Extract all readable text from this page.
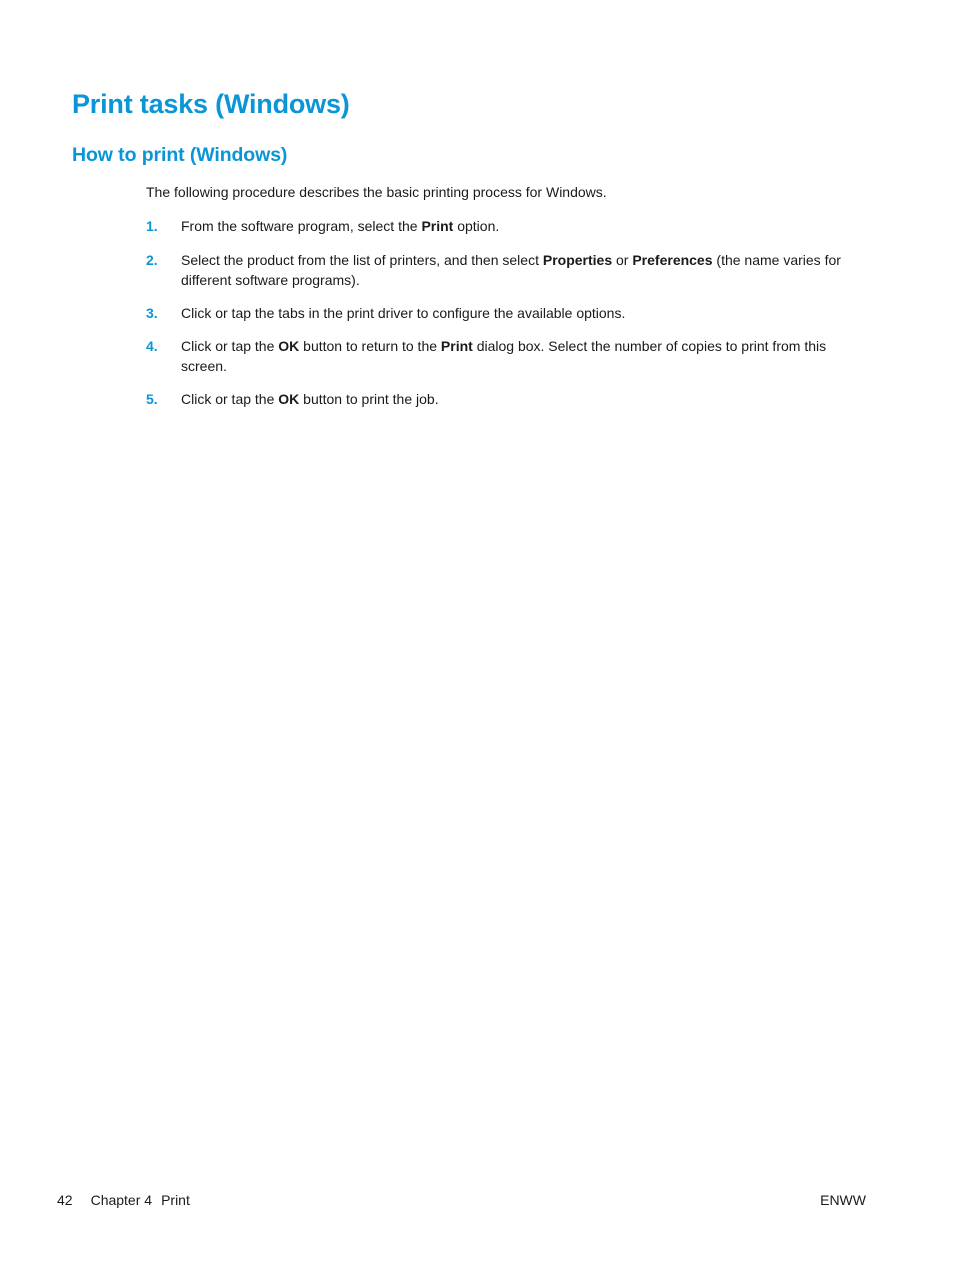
Print tasks (Windows)
How to print (Windows)

The following procedure describes the basic printing process for Windows.

1. From the software program, select the Print option.
2. Select the product from the list of printers, and then select Properties or Preferences (the name varies for different software programs).
3. Click or tap the tabs in the print driver to configure the available options.
4. Click or tap the OK button to return to the Print dialog box. Select the number of copies to print from this screen.
5. Click or tap the OK button to print the job.
42 Chapter 4 Print	ENWW
